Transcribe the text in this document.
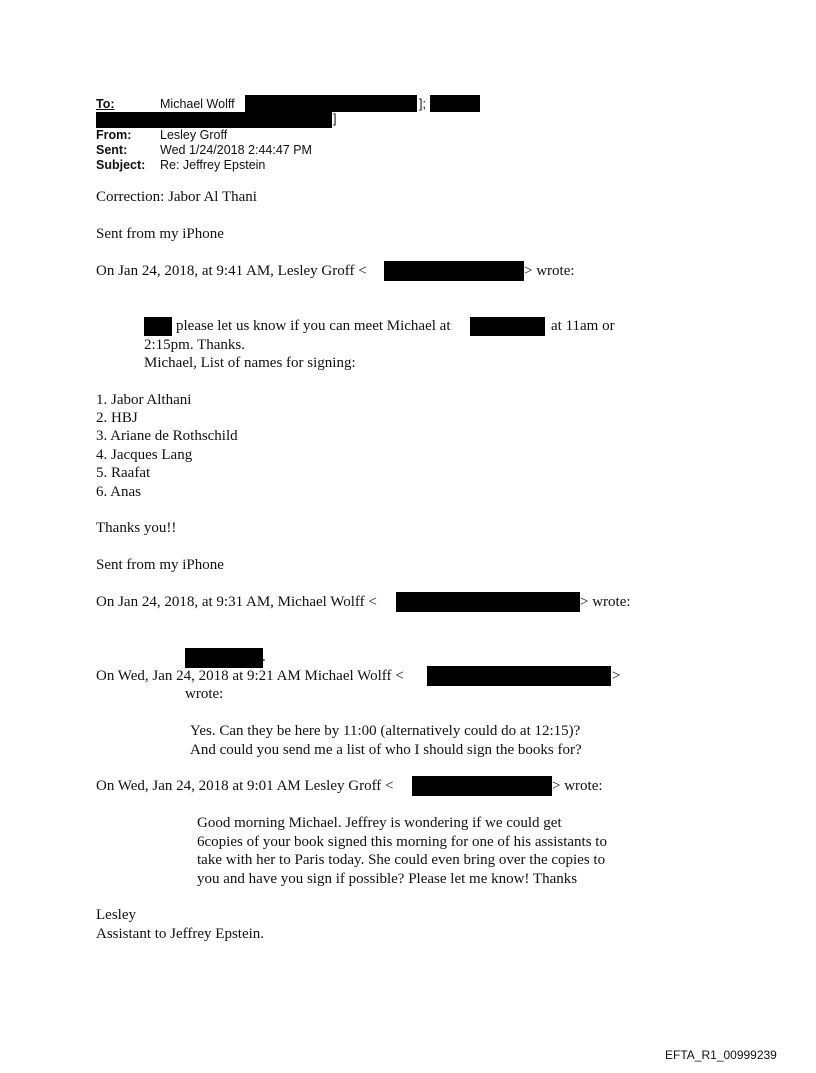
To:	Michael Wolff	];
]
From: Lesley Groff
Sent:	Wed 1/24/2018 2:44:47 PM
Subject: Re: Jeffrey Epstein
Correction: Jabor Al Thani
Sent from my iPhone
On Jan 24, 2018, at 9:41 AM, Lesley Groff <	> wrote:
please let us know if you can meet Michael at	at 11am or
2:15pm. Thanks.
Michael, List of names for signing:
1. Jabor Althani
2. HBJ
3. Ariane de Rothschild
4. Jacques Lang
5. Raafat
6. Anas
Thanks you!!
Sent from my iPhone
On Jan 24, 2018, at 9:31 AM, Michael Wolff <	> wrote:
.
On Wed, Jan 24, 2018 at 9:21 AM Michael Wolff <	>
wrote:
Yes. Can they be here by 11:00 (alternatively could do at 12:15)?
And could you send me a list of who I should sign the books for?
On Wed, Jan 24, 2018 at 9:01 AM Lesley Groff <	> wrote:
Good morning Michael. Jeffrey is wondering if we could get
6copies of your book signed this morning for one of his assistants to
take with her to Paris today. She could even bring over the copies to
you and have you sign if possible? Please let me know! Thanks
Lesley
Assistant to Jeffrey Epstein.
EFTA_R1_00999239
